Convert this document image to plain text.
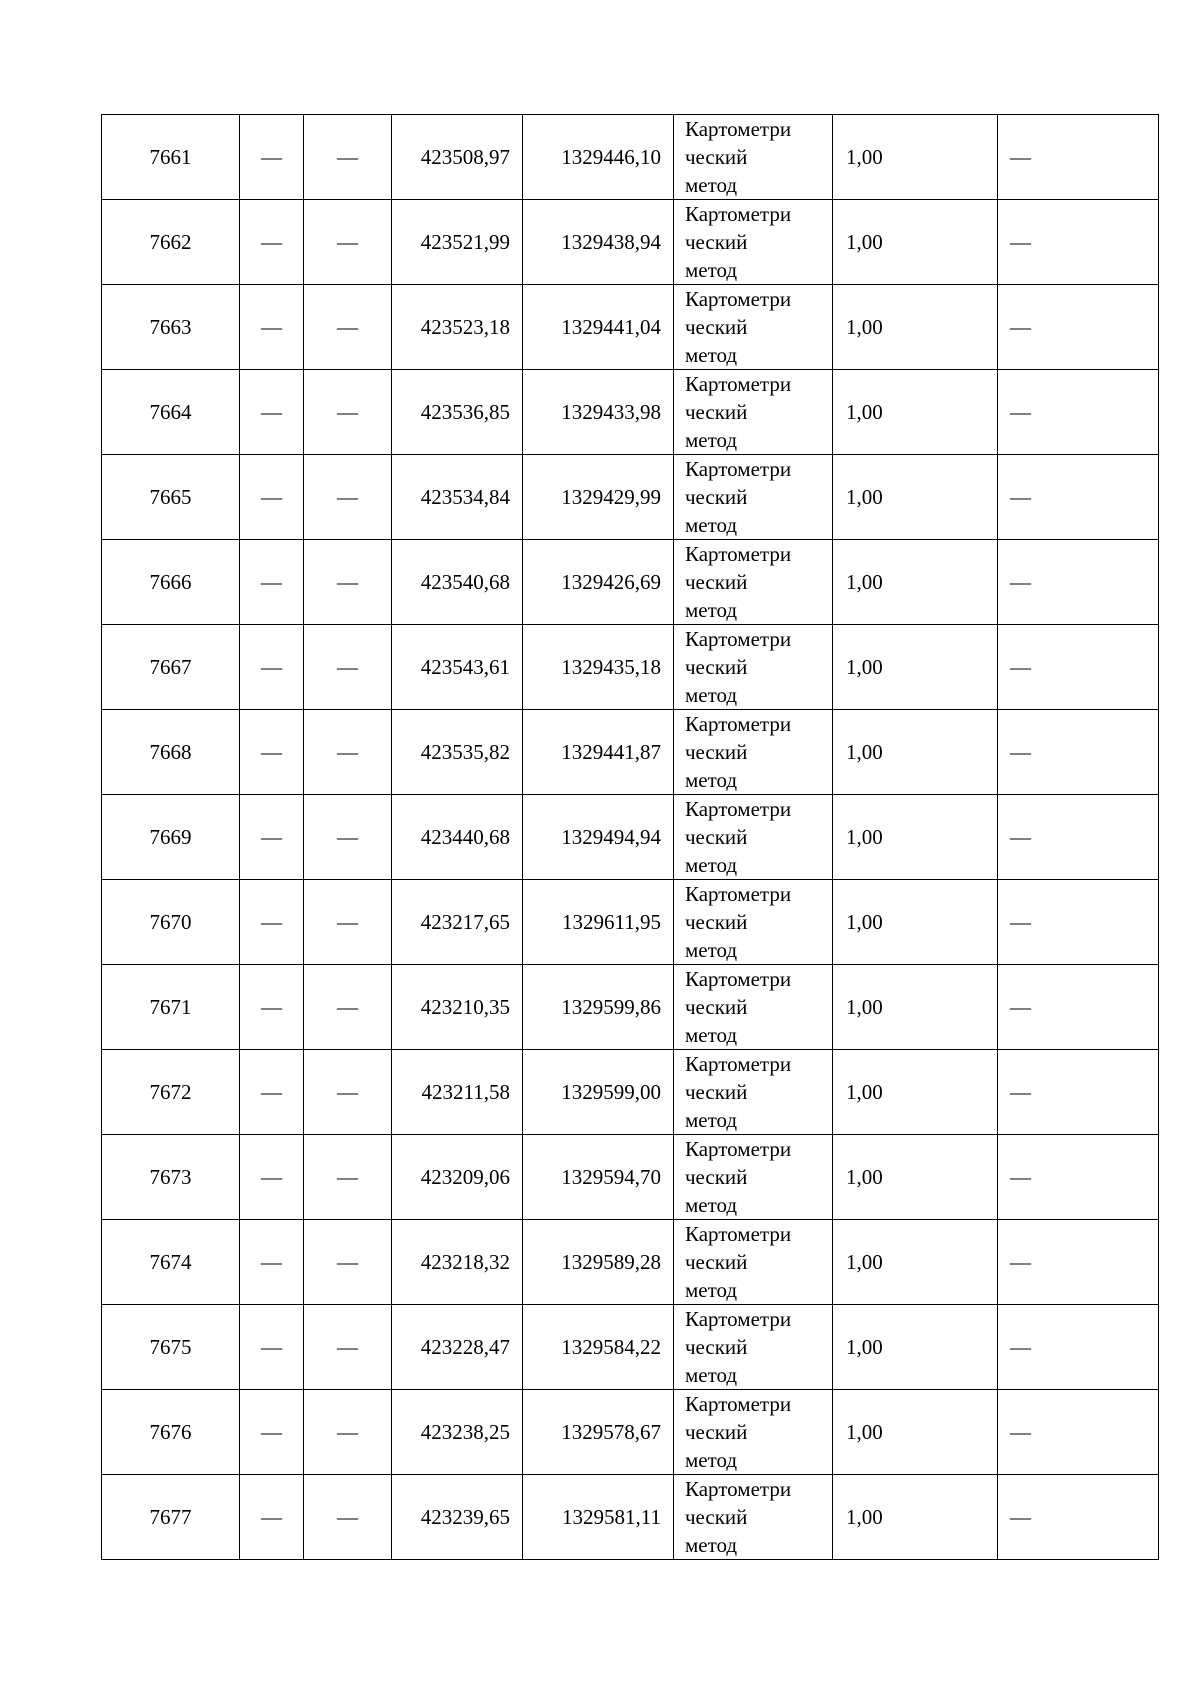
7661	—	—	423508,97	1329446,10	Картометри
ческий
метод	1,00	—
7662	—	—	423521,99	1329438,94	Картометри
ческий
метод	1,00	—
7663	—	—	423523,18	1329441,04	Картометри
ческий
метод	1,00	—
7664	—	—	423536,85	1329433,98	Картометри
ческий
метод	1,00	—
7665	—	—	423534,84	1329429,99	Картометри
ческий
метод	1,00	—
7666	—	—	423540,68	1329426,69	Картометри
ческий
метод	1,00	—
7667	—	—	423543,61	1329435,18	Картометри
ческий
метод	1,00	—
7668	—	—	423535,82	1329441,87	Картометри
ческий
метод	1,00	—
7669	—	—	423440,68	1329494,94	Картометри
ческий
метод	1,00	—
7670	—	—	423217,65	1329611,95	Картометри
ческий
метод	1,00	—
7671	—	—	423210,35	1329599,86	Картометри
ческий
метод	1,00	—
7672	—	—	423211,58	1329599,00	Картометри
ческий
метод	1,00	—
7673	—	—	423209,06	1329594,70	Картометри
ческий
метод	1,00	—
7674	—	—	423218,32	1329589,28	Картометри
ческий
метод	1,00	—
7675	—	—	423228,47	1329584,22	Картометри
ческий
метод	1,00	—
7676	—	—	423238,25	1329578,67	Картометри
ческий
метод	1,00	—
7677	—	—	423239,65	1329581,11	Картометри
ческий
метод	1,00	—
